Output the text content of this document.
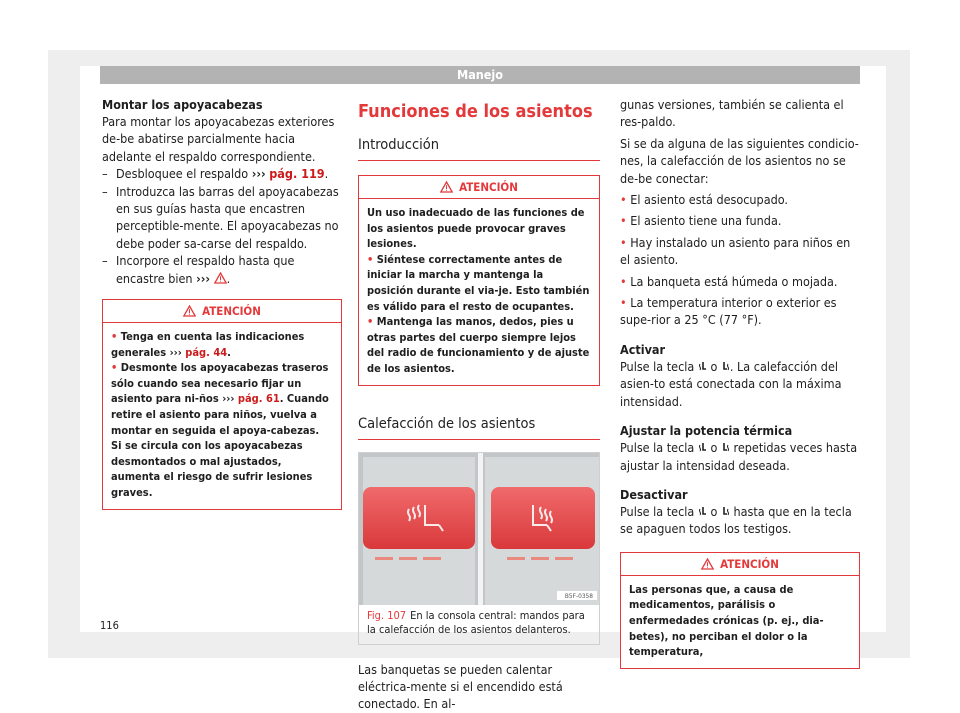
Manejo

Montar los apoyacabezas

Para montar los apoyacabezas exteriores de-be abatirse parcialmente hacia adelante el respaldo correspondiente.

– Desbloquee el respaldo ››› pág. 119.

– Introduzca las barras del apoyacabezas en sus guías hasta que encastren perceptible-mente. El apoyacabezas no debe poder sa-carse del respaldo.

– Incorpore el respaldo hasta que encastre bien ››› .

ATENCIÓN

• Tenga en cuenta las indicaciones generales ››› pág. 44.

• Desmonte los apoyacabezas traseros sólo cuando sea necesario fijar un asiento para ni-ños ››› pág. 61. Cuando retire el asiento para niños, vuelva a montar en seguida el apoya-cabezas. Si se circula con los apoyacabezas desmontados o mal ajustados, aumenta el riesgo de sufrir lesiones graves.

Funciones de los asientos

Introducción

ATENCIÓN

Un uso inadecuado de las funciones de los asientos puede provocar graves lesiones.

• Siéntese correctamente antes de iniciar la marcha y mantenga la posición durante el via-je. Esto también es válido para el resto de ocupantes.

• Mantenga las manos, dedos, pies u otras partes del cuerpo siempre lejos del radio de funcionamiento y de ajuste de los asientos.

Calefacción de los asientos

B5F-0358
Fig. 107 En la consola central: mandos para la calefacción de los asientos delanteros.

Las banquetas se pueden calentar eléctrica-mente si el encendido está conectado. En al-

gunas versiones, también se calienta el res-paldo.

Si se da alguna de las siguientes condicio-nes, la calefacción de los asientos no se de-be conectar:

• El asiento está desocupado.

• El asiento tiene una funda.

• Hay instalado un asiento para niños en el asiento.

• La banqueta está húmeda o mojada.

• La temperatura interior o exterior es supe-rior a 25 °C (77 °F).

Activar

Pulse la tecla o . La calefacción del asien-to está conectada con la máxima intensidad.

Ajustar la potencia térmica

Pulse la tecla o repetidas veces hasta ajustar la intensidad deseada.

Desactivar

Pulse la tecla o hasta que en la tecla se apaguen todos los testigos.

ATENCIÓN

Las personas que, a causa de medicamentos, parálisis o enfermedades crónicas (p. ej., dia-betes), no perciban el dolor o la temperatura,

116
